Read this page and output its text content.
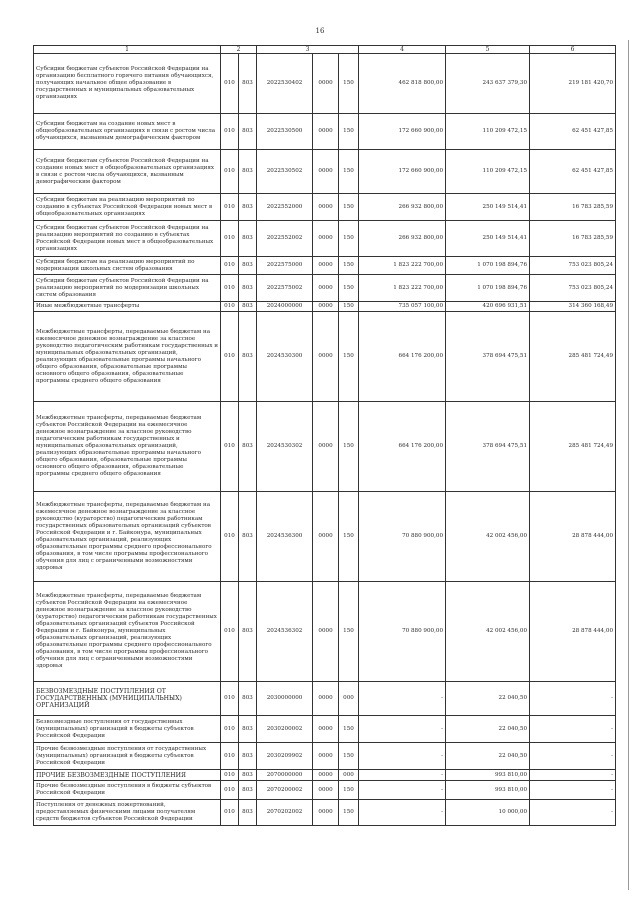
16
1	2		3			4	5	6
Субсидии бюджетам субъектов Российской Федерации на организацию бесплатного горячего питания обучающихся, получающих начальное общее образование в государственных и муниципальных образовательных организациях	010	803	2022530402	0000	150	462 818 800,00	243 637 379,30	219 181 420,70
Субсидии бюджетам на создание новых мест в общеобразовательных организациях в связи с ростом числа обучающихся, вызванным демографическим фактором	010	803	2022530500	0000	150	172 660 900,00	110 209 472,15	62 451 427,85
Субсидии бюджетам субъектов Российской Федерации на создание новых мест в общеобразовательных организациях в связи с ростом числа обучающихся, вызванным демографическим фактором	010	803	2022530502	0000	150	172 660 900,00	110 209 472,15	62 451 427,85
Субсидии бюджетам на реализацию мероприятий по созданию в субъектах Российской Федерации новых мест в общеобразовательных организациях	010	803	2022552000	0000	150	266 932 800,00	250 149 514,41	16 783 285,59
Субсидии бюджетам субъектов Российской Федерации на реализацию мероприятий по созданию в субъектах Российской Федерации новых мест в общеобразовательных организациях	010	803	2022552002	0000	150	266 932 800,00	250 149 514,41	16 783 285,59
Субсидии бюджетам на реализацию мероприятий по модернизации школьных систем образования	010	803	2022575000	0000	150	1 823 222 700,00	1 070 198 894,76	753 023 805,24
Субсидии бюджетам субъектов Российской Федерации на реализацию мероприятий по модернизации школьных систем образования	010	803	2022575002	0000	150	1 823 222 700,00	1 070 198 894,76	753 023 805,24
Иные межбюджетные трансферты	010	803	2024000000	0000	150	735 057 100,00	420 696 931,51	314 360 168,49
Межбюджетные трансферты, передаваемые бюджетам на ежемесячное денежное вознаграждение за классное руководство педагогическим работникам государственных и муниципальных образовательных организаций, реализующих образовательные программы начального общего образования, образовательные программы основного общего образования, образовательные программы среднего общего образования	010	803	2024530300	0000	150	664 176 200,00	378 694 475,51	285 481 724,49
Межбюджетные трансферты, передаваемые бюджетам субъектов Российской Федерации на ежемесячное денежное вознаграждение за классное руководство педагогическим работникам государственных и муниципальных образовательных организаций, реализующих образовательные программы начального общего образования, образовательные программы основного общего образования, образовательные программы среднего общего образования	010	803	2024530302	0000	150	664 176 200,00	378 694 475,51	285 481 724,49
Межбюджетные трансферты, передаваемые бюджетам на ежемесячное денежное вознаграждение за классное руководство (кураторство) педагогическим работникам государственных образовательных организаций субъектов Российской Федерации и г. Байконура, муниципальных образовательных организаций, реализующих образовательные программы среднего профессионального образования, в том числе программы профессионального обучения для лиц с ограниченными возможностями здоровья	010	803	2024536300	0000	150	70 880 900,00	42 002 456,00	28 878 444,00
Межбюджетные трансферты, передаваемые бюджетам субъектов Российской Федерации на ежемесячное денежное вознаграждение за классное руководство (кураторство) педагогическим работникам государственных образовательных организаций субъектов Российской Федерации и г. Байконура, муниципальных образовательных организаций, реализующих образовательные программы среднего профессионального образования, в том числе программы профессионального обучения для лиц с ограниченными возможностями здоровья	010	803	2024536302	0000	150	70 880 900,00	42 002 456,00	28 878 444,00
БЕЗВОЗМЕЗДНЫЕ ПОСТУПЛЕНИЯ ОТ ГОСУДАРСТВЕННЫХ (МУНИЦИПАЛЬНЫХ) ОРГАНИЗАЦИЙ	010	803	2030000000	0000	000	-	22 040,50	-
Безвозмездные поступления от государственных (муниципальных) организаций в бюджеты субъектов Российской Федерации	010	803	2030200002	0000	150	-	22 040,50	-
Прочие безвозмездные поступления от государственных (муниципальных) организаций в бюджеты субъектов Российской Федерации	010	803	2030209902	0000	150	-	22 040,50	-
ПРОЧИЕ БЕЗВОЗМЕЗДНЫЕ ПОСТУПЛЕНИЯ	010	803	2070000000	0000	000	-	993 810,00	-
Прочие безвозмездные поступления в бюджеты субъектов Российской Федерации	010	803	2070200002	0000	150	-	993 810,00	-
Поступления от денежных пожертвований, предоставляемых физическими лицами получателям средств бюджетов субъектов Российской Федерации	010	803	2070202002	0000	150	-	10 000,00	-
